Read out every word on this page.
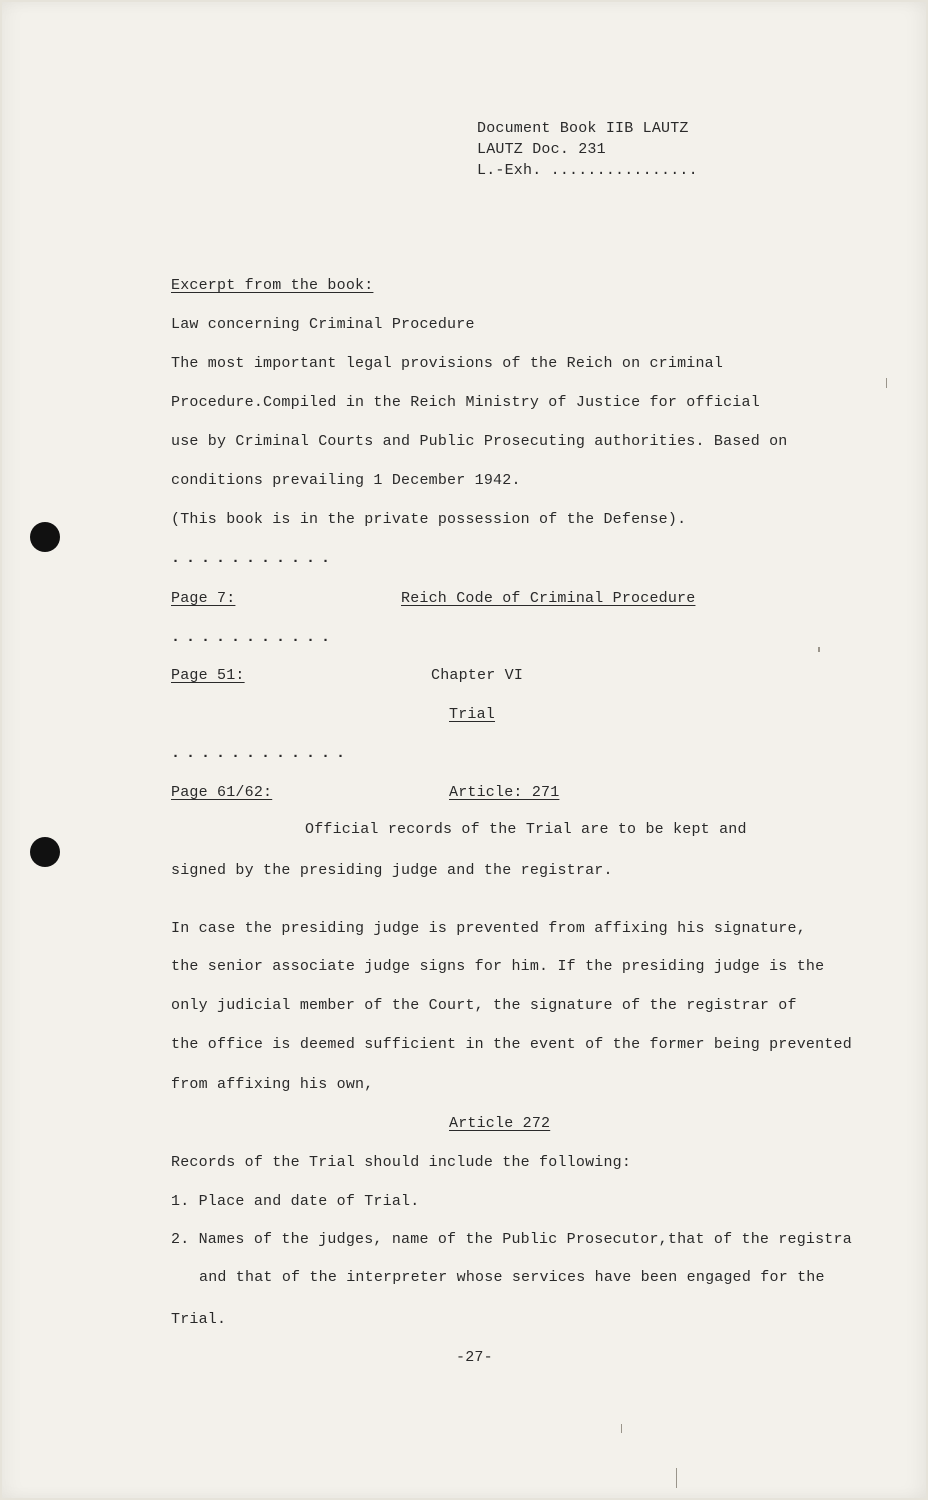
Document Book IIB LAUTZ
LAUTZ Doc. 231
L.-Exh. ................
Excerpt from the book:
Law concerning Criminal Procedure
The most important legal provisions of the Reich on criminal
Procedure.Compiled in the Reich Ministry of Justice for official
use by Criminal Courts and Public Prosecuting authorities. Based on
conditions prevailing 1 December 1942.
(This book is in the private possession of the Defense).
...........
Page 7:	Reich Code of Criminal Procedure
...........
Page 51:	Chapter VI
Trial
............
Page 61/62:	Article: 271
Official records of the Trial are to be kept and
signed by the presiding judge and the registrar.
In case the presiding judge is prevented from affixing his signature,
the senior associate judge signs for him. If the presiding judge is the
only judicial member of the Court, the signature of the registrar of
the office is deemed sufficient in the event of the former being prevented
from affixing his own,
Article 272
Records of the Trial should include the following:
1. Place and date of Trial.
2. Names of the judges, name of the Public Prosecutor,that of the registra
and that of the interpreter whose services have been engaged for the
Trial.
-27-
